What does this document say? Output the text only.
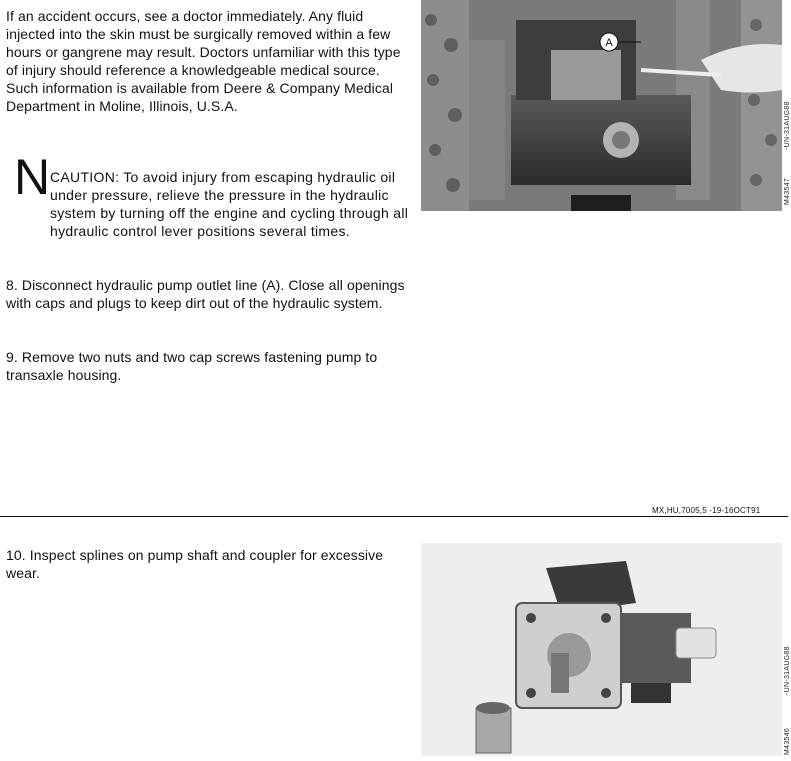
If an accident occurs, see a doctor immediately. Any fluid injected into the skin must be surgically removed within a few hours or gangrene may result. Doctors unfamiliar with this type of injury should reference a knowledgeable medical source. Such information is available from Deere & Company Medical Department in Moline, Illinois, U.S.A.
N CAUTION: To avoid injury from escaping hydraulic oil under pressure, relieve the pressure in the hydraulic system by turning off the engine and cycling through all hydraulic control lever positions several times.
8. Disconnect hydraulic pump outlet line (A). Close all openings with caps and plugs to keep dirt out of the hydraulic system.
9. Remove two nuts and two cap screws fastening pump to transaxle housing.
A
M43547
-UN-31AUG88
MX,HU,7005,5 -19-16OCT91
10. Inspect splines on pump shaft and coupler for excessive wear.
M43546
-UN-31AUG88
